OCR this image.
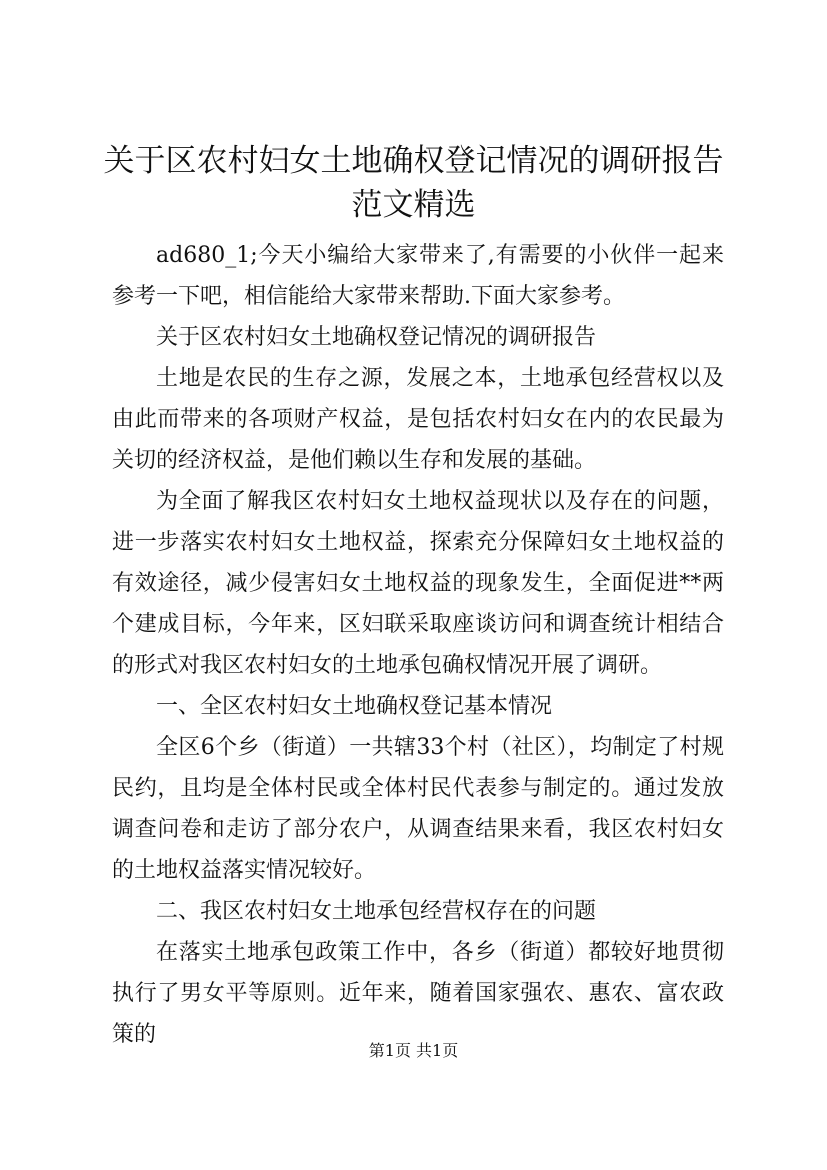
关于区农村妇女土地确权登记情况的调研报告
范文精选

ad680_1;今天小编给大家带来了,有需要的小伙伴一起来参考一下吧，相信能给大家带来帮助.下面大家参考。

关于区农村妇女土地确权登记情况的调研报告

土地是农民的生存之源，发展之本，土地承包经营权以及由此而带来的各项财产权益，是包括农村妇女在内的农民最为关切的经济权益，是他们赖以生存和发展的基础。

为全面了解我区农村妇女土地权益现状以及存在的问题，进一步落实农村妇女土地权益，探索充分保障妇女土地权益的有效途径，减少侵害妇女土地权益的现象发生，全面促进**两个建成目标，今年来，区妇联采取座谈访问和调查统计相结合的形式对我区农村妇女的土地承包确权情况开展了调研。

一、全区农村妇女土地确权登记基本情况

全区6个乡（街道）一共辖33个村（社区），均制定了村规民约，且均是全体村民或全体村民代表参与制定的。通过发放调查问卷和走访了部分农户，从调查结果来看，我区农村妇女的土地权益落实情况较好。

二、我区农村妇女土地承包经营权存在的问题

在落实土地承包政策工作中，各乡（街道）都较好地贯彻执行了男女平等原则。近年来，随着国家强农、惠农、富农政策的

第1页 共1页
